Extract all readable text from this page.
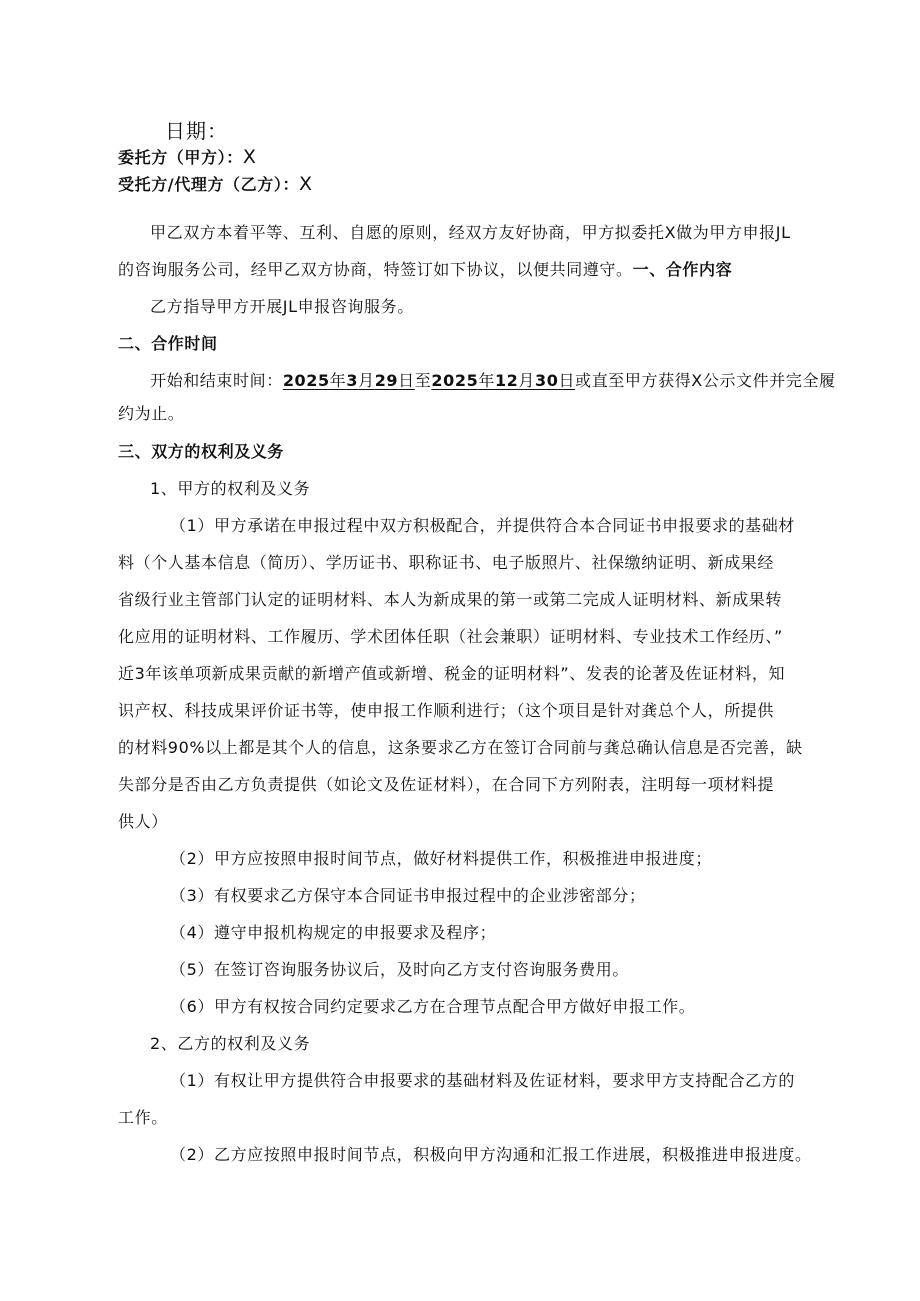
日期：
委托方（甲方）：X
受托方/代理方（乙方）：X
甲乙双方本着平等、互利、自愿的原则，经双方友好协商，甲方拟委托X做为甲方申报JL
的咨询服务公司，经甲乙双方协商，特签订如下协议，以便共同遵守。一、合作内容
乙方指导甲方开展JL申报咨询服务。
二、合作时间
开始和结束时间：2025年3月29日至2025年12月30日或直至甲方获得X公示文件并完全履
约为止。
三、双方的权利及义务
1、甲方的权利及义务
（1）甲方承诺在申报过程中双方积极配合，并提供符合本合同证书申报要求的基础材
料（个人基本信息（简历）、学历证书、职称证书、电子版照片、社保缴纳证明、新成果经
省级行业主管部门认定的证明材料、本人为新成果的第一或第二完成人证明材料、新成果转
化应用的证明材料、工作履历、学术团体任职（社会兼职）证明材料、专业技术工作经历、”
近3年该单项新成果贡献的新增产值或新增、税金的证明材料”、发表的论著及佐证材料，知
识产权、科技成果评价证书等，使申报工作顺利进行；（这个项目是针对龚总个人，所提供
的材料90%以上都是其个人的信息，这条要求乙方在签订合同前与龚总确认信息是否完善，缺
失部分是否由乙方负责提供（如论文及佐证材料），在合同下方列附表，注明每一项材料提
供人）
（2）甲方应按照申报时间节点，做好材料提供工作，积极推进申报进度；
（3）有权要求乙方保守本合同证书申报过程中的企业涉密部分；
（4）遵守申报机构规定的申报要求及程序；
（5）在签订咨询服务协议后，及时向乙方支付咨询服务费用。
（6）甲方有权按合同约定要求乙方在合理节点配合甲方做好申报工作。
2、乙方的权利及义务
（1）有权让甲方提供符合申报要求的基础材料及佐证材料，要求甲方支持配合乙方的
工作。
（2）乙方应按照申报时间节点，积极向甲方沟通和汇报工作进展，积极推进申报进度。
